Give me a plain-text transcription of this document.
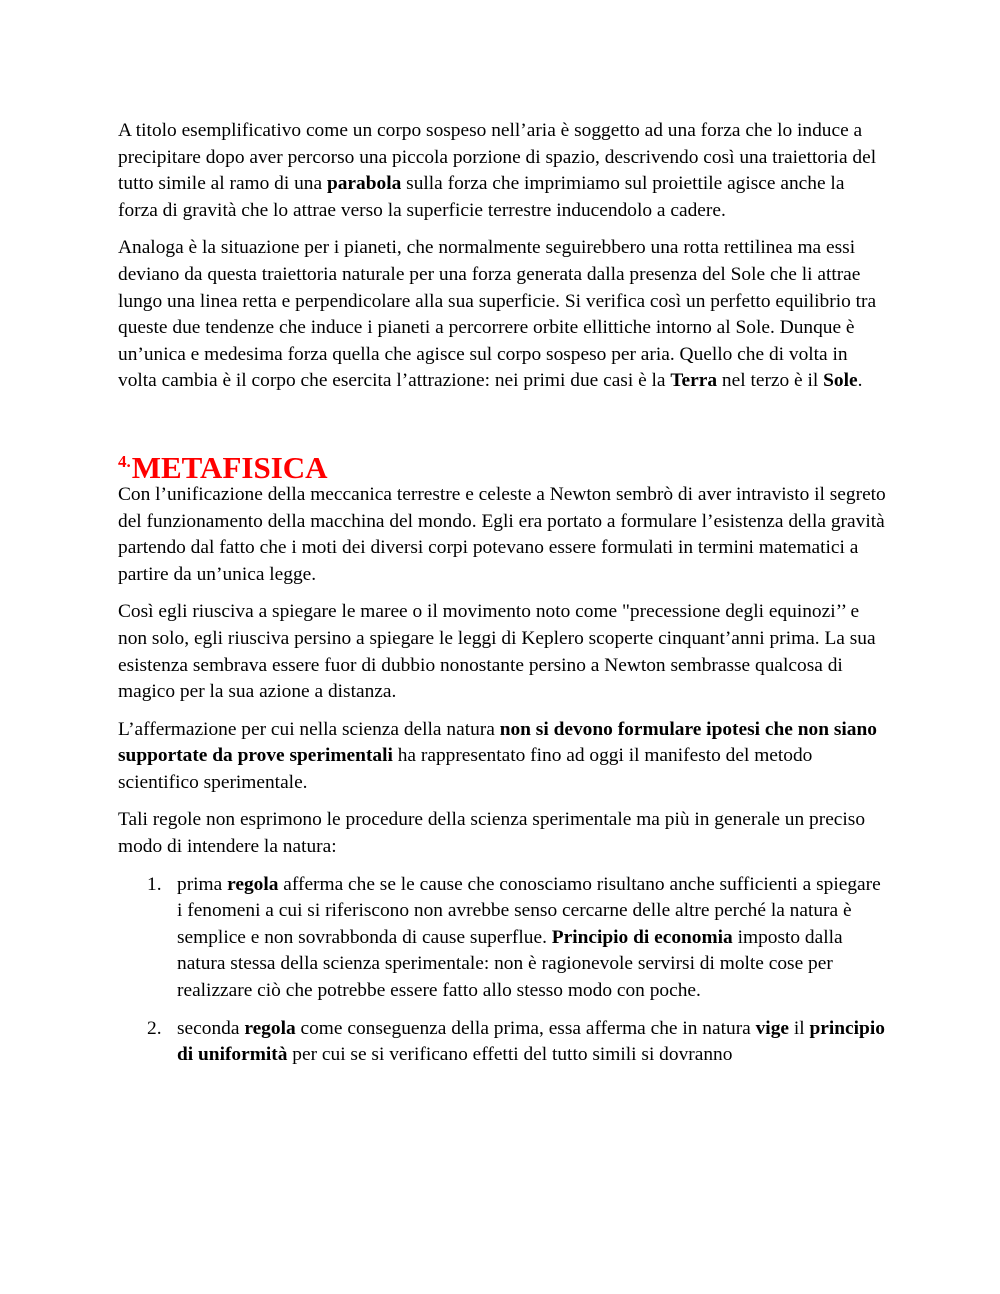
A titolo esemplificativo come un corpo sospeso nell’aria è soggetto ad una forza che lo induce a precipitare dopo aver percorso una piccola porzione di spazio, descrivendo così una traiettoria del tutto simile al ramo di una parabola sulla forza che imprimiamo sul proiettile agisce anche la forza di gravità che lo attrae verso la superficie terrestre inducendolo a cadere.

Analoga è la situazione per i pianeti, che normalmente seguirebbero una rotta rettilinea ma essi deviano da questa traiettoria naturale per una forza generata dalla presenza del Sole che li attrae lungo una linea retta e perpendicolare alla sua superficie. Si verifica così un perfetto equilibrio tra queste due tendenze che induce i pianeti a percorrere orbite ellittiche intorno al Sole. Dunque è un’unica e medesima forza quella che agisce sul corpo sospeso per aria. Quello che di volta in volta cambia è il corpo che esercita l’attrazione: nei primi due casi è la Terra nel terzo è il Sole.

$^{4.}$METAFISICA

Con l’unificazione della meccanica terrestre e celeste a Newton sembrò di aver intravisto il segreto del funzionamento della macchina del mondo. Egli era portato a formulare l’esistenza della gravità partendo dal fatto che i moti dei diversi corpi potevano essere formulati in termini matematici a partire da un’unica legge.

Così egli riusciva a spiegare le maree o il movimento noto come "precessione degli equinozi’’ e non solo, egli riusciva persino a spiegare le leggi di Keplero scoperte cinquant’anni prima. La sua esistenza sembrava essere fuor di dubbio nonostante persino a Newton sembrasse qualcosa di magico per la sua azione a distanza.

L’affermazione per cui nella scienza della natura non si devono formulare ipotesi che non siano supportate da prove sperimentali ha rappresentato fino ad oggi il manifesto del metodo scientifico sperimentale.

Tali regole non esprimono le procedure della scienza sperimentale ma più in generale un preciso modo di intendere la natura:

1. prima regola afferma che se le cause che conosciamo risultano anche sufficienti a spiegare i fenomeni a cui si riferiscono non avrebbe senso cercarne delle altre perché la natura è semplice e non sovrabbonda di cause superflue. Principio di economia imposto dalla natura stessa della scienza sperimentale: non è ragionevole servirsi di molte cose per realizzare ciò che potrebbe essere fatto allo stesso modo con poche.
2. seconda regola come conseguenza della prima, essa afferma che in natura vige il principio di uniformità per cui se si verificano effetti del tutto simili si dovranno
